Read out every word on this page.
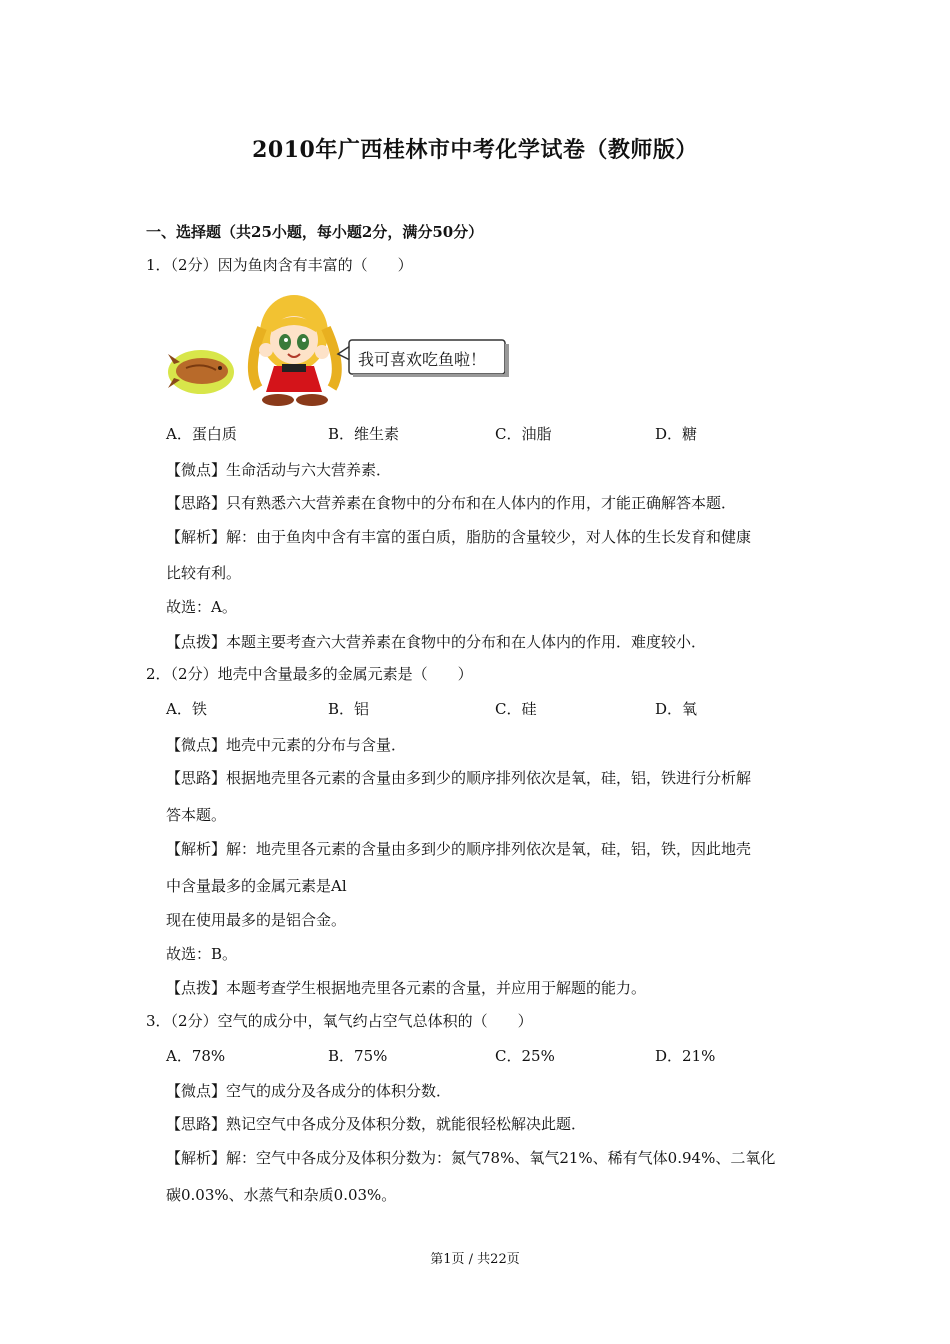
2010年广西桂林市中考化学试卷（教师版）
一、选择题（共25小题，每小题2分，满分50分）
1．（2分）因为鱼肉含有丰富的（　　）
我可喜欢吃鱼啦！
A．蛋白质	B．维生素	C．油脂	D．糖
【微点】生命活动与六大营养素．
【思路】只有熟悉六大营养素在食物中的分布和在人体内的作用，才能正确解答本题．
【解析】解：由于鱼肉中含有丰富的蛋白质，脂肪的含量较少，对人体的生长发育和健康
比较有利。
故选：A。
【点拨】本题主要考查六大营养素在食物中的分布和在人体内的作用．难度较小．
2．（2分）地壳中含量最多的金属元素是（　　）
A．铁	B．铝	C．硅	D．氧
【微点】地壳中元素的分布与含量．
【思路】根据地壳里各元素的含量由多到少的顺序排列依次是氧，硅，铝，铁进行分析解
答本题。
【解析】解：地壳里各元素的含量由多到少的顺序排列依次是氧，硅，铝，铁，因此地壳
中含量最多的金属元素是Al
现在使用最多的是铝合金。
故选：B。
【点拨】本题考查学生根据地壳里各元素的含量，并应用于解题的能力。
3．（2分）空气的成分中，氧气约占空气总体积的（　　）
A．78%	B．75%	C．25%	D．21%
【微点】空气的成分及各成分的体积分数．
【思路】熟记空气中各成分及体积分数，就能很轻松解决此题．
【解析】解：空气中各成分及体积分数为：氮气78%、氧气21%、稀有气体0.94%、二氧化
碳0.03%、水蒸气和杂质0.03%。
第1页 / 共22页
